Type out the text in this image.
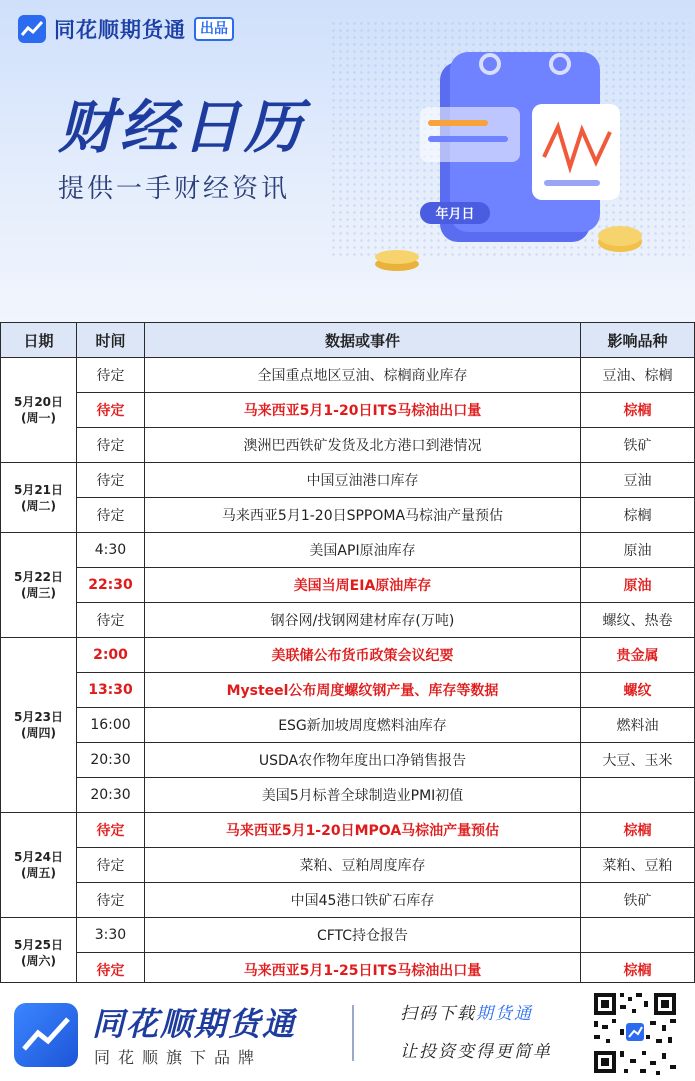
同花顺期货通	出品
财经日历
提供一手财经资讯
年月日
日期	时间	数据或事件	影响品种

5月20日
(周一)	待定	全国重点地区豆油、棕榈商业库存	豆油、棕榈
	待定	马来西亚5月1-20日ITS马棕油出口量	棕榈
	待定	澳洲巴西铁矿发货及北方港口到港情况	铁矿

5月21日
(周二)	待定	中国豆油港口库存	豆油
	待定	马来西亚5月1-20日SPPOMA马棕油产量预估	棕榈

5月22日
(周三)	4:30	美国API原油库存	原油
	22:30	美国当周EIA原油库存	原油
	待定	钢谷网/找钢网建材库存(万吨)	螺纹、热卷

5月23日
(周四)	2:00	美联储公布货币政策会议纪要	贵金属
	13:30	Mysteel公布周度螺纹钢产量、库存等数据	螺纹
	16:00	ESG新加坡周度燃料油库存	燃料油
	20:30	USDA农作物年度出口净销售报告	大豆、玉米
	20:30	美国5月标普全球制造业PMI初值	

5月24日
(周五)	待定	马来西亚5月1-20日MPOA马棕油产量预估	棕榈
	待定	菜粕、豆粕周度库存	菜粕、豆粕
	待定	中国45港口铁矿石库存	铁矿

5月25日
(周六)	3:30	CFTC持仓报告	
	待定	马来西亚5月1-25日ITS马棕油出口量	棕榈
同花顺期货通
同花顺旗下品牌
扫码下载期货通
让投资变得更简单
